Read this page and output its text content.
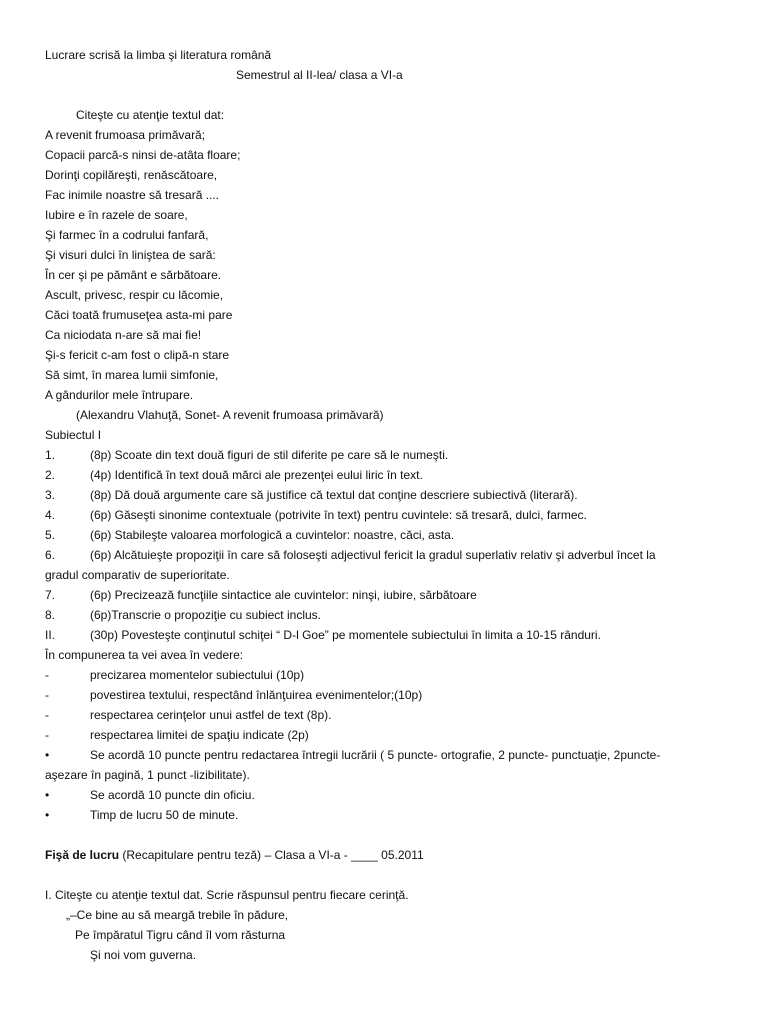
Lucrare scrisă la limba şi literatura română
Semestrul al II-lea/ clasa a VI-a
Citeşte cu atenţie textul dat:
A revenit frumoasa primăvară;
Copacii parcă-s ninsi de-atâta floare;
Dorinţi copilăreşti, renăscătoare,
Fac inimile noastre să tresară ....
Iubire e în razele de soare,
Şi farmec în a codrului fanfară,
Şi visuri dulci în liniştea de sară:
În cer şi pe pământ e sărbătoare.
Ascult, privesc, respir cu lăcomie,
Căci toată frumuseţea asta-mi pare
Ca niciodata n-are să mai fie!
Şi-s fericit c-am fost o clipă-n stare
Să simt, în marea lumii simfonie,
A gândurilor mele întrupare.
(Alexandru Vlahuţă, Sonet- A revenit frumoasa primăvară)
Subiectul I
1.	(8p) Scoate din text două figuri de stil diferite pe care să le numeşti.
2.	(4p) Identifică în text două mărci ale prezenţei eului liric în text.
3.	(8p) Dă două argumente care să justifice că textul dat conţine descriere subiectivă (literară).
4.	(6p) Găseşti sinonime contextuale (potrivite în text) pentru cuvintele: să tresară, dulci, farmec.
5.	(6p) Stabileşte valoarea morfologică a cuvintelor: noastre, căci, asta.
6.	(6p) Alcătuieşte propoziţii în care să foloseşti adjectivul fericit la gradul superlativ relativ şi adverbul încet la
gradul comparativ de superioritate.
7.	(6p) Precizează funcţiile sintactice ale cuvintelor: ninşi, iubire, sărbătoare
8.	(6p)Transcrie o propoziţie cu subiect inclus.
II.	(30p) Povesteşte conţinutul schiţei “ D-l Goe” pe momentele subiectului în limita a 10-15 rânduri.
În compunerea ta vei avea în vedere:
-	precizarea momentelor subiectului (10p)
-	povestirea textului, respectând înlănţuirea evenimentelor;(10p)
-	respectarea cerinţelor unui astfel de text (8p).
-	respectarea limitei de spaţiu indicate (2p)
•	Se acordă 10 puncte pentru redactarea întregii lucrării ( 5 puncte- ortografie, 2 puncte- punctuaţie, 2puncte-
aşezare în pagină, 1 punct -lizibilitate).
•	Se acordă 10 puncte din oficiu.
•	Timp de lucru 50 de minute.
Fişă de lucru (Recapitulare pentru teză) – Clasa a VI-a - ____ 05.2011
I. Citeşte cu atenţie textul dat. Scrie răspunsul pentru fiecare cerinţă.
„–Ce bine au să meargă trebile în pădure,
Pe împăratul Tigru când îl vom răsturna
Şi noi vom guverna.
